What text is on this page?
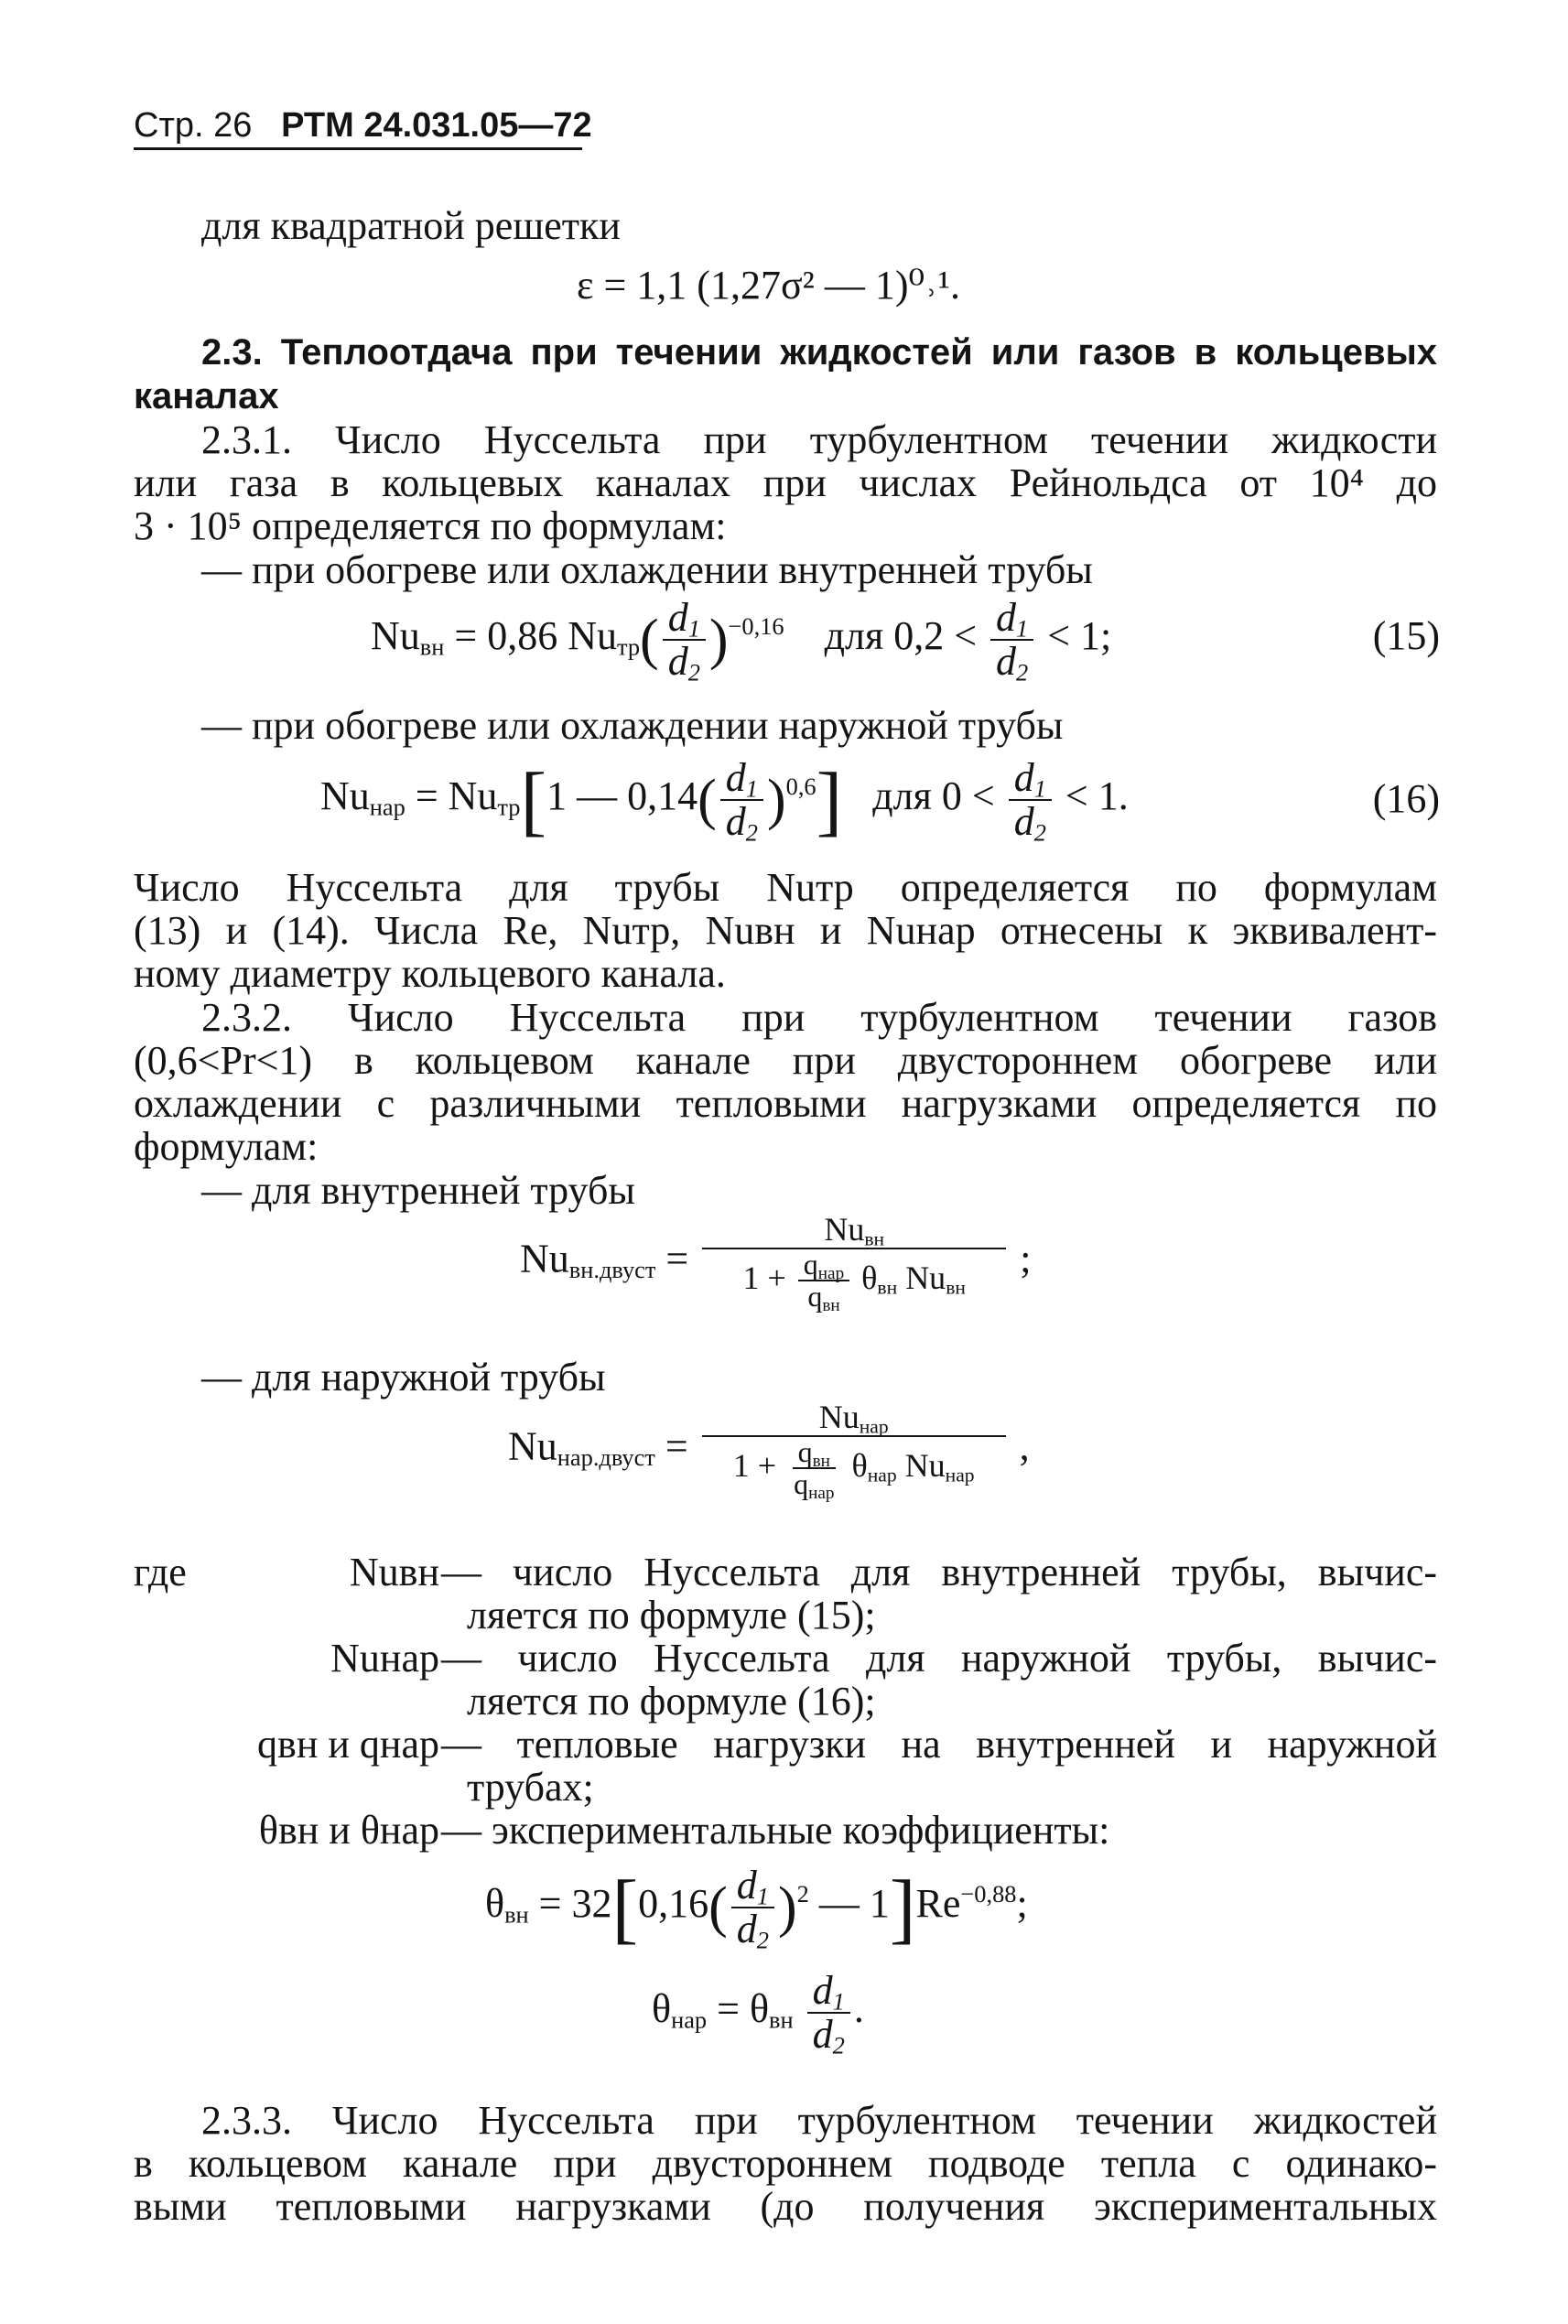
Стр. 26 РТМ 24.031.05—72
для квадратной решетки
ε = 1,1 (1,27σ² — 1)⁰˒¹.
2.3. Теплоотдача при течении жидкостей или газов в кольцевых
каналах
2.3.1. Число Нуссельта при турбулентном течении жидкости
или газа в кольцевых каналах при числах Рейнольдса от 10⁴ до
3 · 10⁵ определяется по формулам:
— при обогреве или охлаждении внутренней трубы
$Nu_{вн} = 0,86$ $Nu_{тр}( \frac{d_1}{d_2} )^{-0,16}$ для $0,2 < \frac{d_1}{d_2} < 1$;	(15)
— при обогреве или охлаждении наружной трубы
$Nu_{нар} = Nu_{тр}[1$ — $0,14( \frac{d_1}{d_2} )^{0,6}$] для $0 < \frac{d_1}{d_2} < 1$.	(16)
Число Нуссельта для трубы Nuтр определяется по формулам
(13) и (14). Числа Re, Nuтр, Nuвн и Nuнар отнесены к эквивалент-
ному диаметру кольцевого канала.
2.3.2. Число Нуссельта при турбулентном течении газов
(0,6<Pr<1) в кольцевом канале при двустороннем обогреве или
охлаждении с различными тепловыми нагрузками определяется по
формулам:
— для внутренней трубы
$Nu_{вн.двуст} = \frac{Nu_{вн}}{1 + \frac{q_{нар}}{q_{вн}} \theta_{вн} Nu_{вн}}$ ;
— для наружной трубы
$Nu_{нар.двуст} = \frac{Nu_{нар}}{1 + \frac{q_{вн}}{q_{нар}} \theta_{нар} Nu_{нар}}$ ,
где	Nuвн — число Нуссельта для внутренней трубы, вычис-
ляется по формуле (15);
Nuнар — число Нуссельта для наружной трубы, вычис-
ляется по формуле (16);
qвн и qнар — тепловые нагрузки на внутренней и наружной
трубах;
θвн и θнар — экспериментальные коэффициенты:
$\theta_{вн} = 32[0,16( \frac{d_1}{d_2} )^2$ — $1]Re^{-0,88}$;
$\theta_{нар} = \theta_{вн} \frac{d_1}{d_2}$ .
2.3.3. Число Нуссельта при турбулентном течении жидкостей
в кольцевом канале при двустороннем подводе тепла с одинако-
выми тепловыми нагрузками (до получения экспериментальных
